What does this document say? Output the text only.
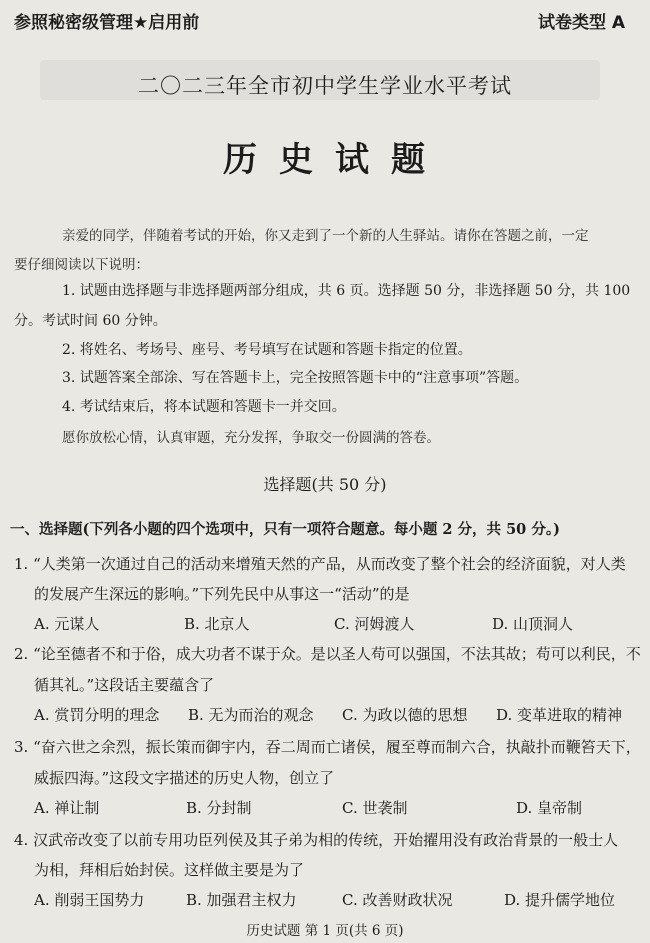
参照秘密级管理★启用前	试卷类型 A
二〇二三年全市初中学生学业水平考试
历史试题
亲爱的同学，伴随着考试的开始，你又走到了一个新的人生驿站。请你在答题之前，一定
要仔细阅读以下说明：
1. 试题由选择题与非选择题两部分组成，共 6 页。选择题 50 分，非选择题 50 分，共 100
分。考试时间 60 分钟。
2. 将姓名、考场号、座号、考号填写在试题和答题卡指定的位置。
3. 试题答案全部涂、写在答题卡上，完全按照答题卡中的“注意事项”答题。
4. 考试结束后，将本试题和答题卡一并交回。
愿你放松心情，认真审题，充分发挥，争取交一份圆满的答卷。
选择题(共 50 分)
一、选择题(下列各小题的四个选项中，只有一项符合题意。每小题 2 分，共 50 分。)
1. “人类第一次通过自己的活动来增殖天然的产品，从而改变了整个社会的经济面貌，对人类
的发展产生深远的影响。”下列先民中从事这一“活动”的是
A. 元谋人	B. 北京人	C. 河姆渡人	D. 山顶洞人
2. “论至德者不和于俗，成大功者不谋于众。是以圣人苟可以强国，不法其故；苟可以利民，不
循其礼。”这段话主要蕴含了
A. 赏罚分明的理念	B. 无为而治的观念	C. 为政以德的思想	D. 变革进取的精神
3. “奋六世之余烈，振长策而御宇内，吞二周而亡诸侯，履至尊而制六合，执敲扑而鞭笞天下，
威振四海。”这段文字描述的历史人物，创立了
A. 禅让制	B. 分封制	C. 世袭制	D. 皇帝制
4. 汉武帝改变了以前专用功臣列侯及其子弟为相的传统，开始擢用没有政治背景的一般士人
为相，拜相后始封侯。这样做主要是为了
A. 削弱王国势力	B. 加强君主权力	C. 改善财政状况	D. 提升儒学地位
历史试题 第 1 页(共 6 页)
